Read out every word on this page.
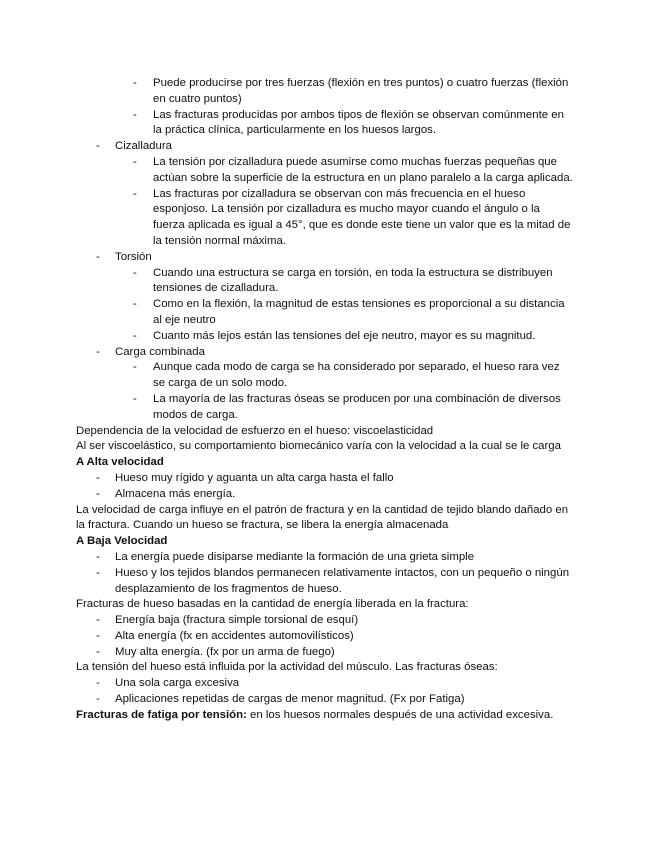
- Puede producirse por tres fuerzas (flexión en tres puntos) o cuatro fuerzas (flexión en cuatro puntos)
- Las fracturas producidas por ambos tipos de flexión se observan comúnmente en la práctica clínica, particularmente en los huesos largos.
- Cizalladura
- La tensión por cizalladura puede asumirse como muchas fuerzas pequeñas que actúan sobre la superficie de la estructura en un plano paralelo a la carga aplicada.
- Las fracturas por cizalladura se observan con más frecuencia en el hueso esponjoso. La tensión por cizalladura es mucho mayor cuando el ángulo o la fuerza aplicada es igual a 45°, que es donde este tiene un valor que es la mitad de la tensión normal máxima.
- Torsión
- Cuando una estructura se carga en torsión, en toda la estructura se distribuyen tensiones de cizalladura.
- Como en la flexión, la magnitud de estas tensiones es proporcional a su distancia al eje neutro
- Cuanto más lejos están las tensiones del eje neutro, mayor es su magnitud.
- Carga combinada
- Aunque cada modo de carga se ha considerado por separado, el hueso rara vez se carga de un solo modo.
- La mayoría de las fracturas óseas se producen por una combinación de diversos modos de carga.
Dependencia de la velocidad de esfuerzo en el hueso: viscoelasticidad
Al ser viscoelástico, su comportamiento biomecánico varía con la velocidad a la cual se le carga
A Alta velocidad
- Hueso muy rígido y aguanta un alta carga hasta el fallo
- Almacena más energía.
La velocidad de carga influye en el patrón de fractura y en la cantidad de tejido blando dañado en la fractura. Cuando un hueso se fractura, se libera la energía almacenada
A Baja Velocidad
- La energía puede disiparse mediante la formación de una grieta simple
- Hueso y los tejidos blandos permanecen relativamente intactos, con un pequeño o ningún desplazamiento de los fragmentos de hueso.
Fracturas de hueso basadas en la cantidad de energía liberada en la fractura:
- Energía baja (fractura simple torsional de esquí)
- Alta energía (fx en accidentes automovilísticos)
- Muy alta energía. (fx por un arma de fuego)
La tensión del hueso está influida por la actividad del músculo. Las fracturas óseas:
- Una sola carga excesiva
- Aplicaciones repetidas de cargas de menor magnitud. (Fx por Fatiga)
Fracturas de fatiga por tensión: en los huesos normales después de una actividad excesiva.
